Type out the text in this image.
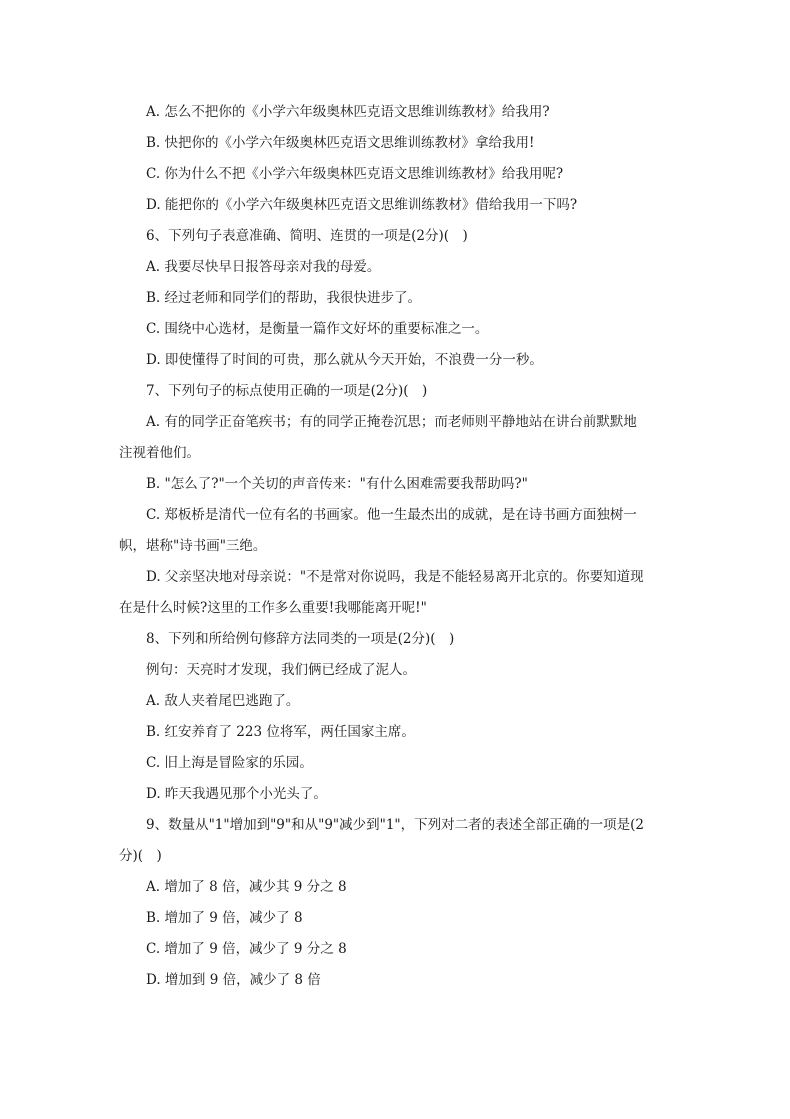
A. 怎么不把你的《小学六年级奥林匹克语文思维训练教材》给我用?
B. 快把你的《小学六年级奥林匹克语文思维训练教材》拿给我用!
C. 你为什么不把《小学六年级奥林匹克语文思维训练教材》给我用呢?
D. 能把你的《小学六年级奥林匹克语文思维训练教材》借给我用一下吗?
6、下列句子表意准确、简明、连贯的一项是(2分)(　)
A. 我要尽快早日报答母亲对我的母爱。
B. 经过老师和同学们的帮助，我很快进步了。
C. 围绕中心选材，是衡量一篇作文好坏的重要标准之一。
D. 即使懂得了时间的可贵，那么就从今天开始，不浪费一分一秒。
7、下列句子的标点使用正确的一项是(2分)(　)
A. 有的同学正奋笔疾书；有的同学正掩卷沉思；而老师则平静地站在讲台前默默地
注视着他们。
B. "怎么了?"一个关切的声音传来："有什么困难需要我帮助吗?"
C. 郑板桥是清代一位有名的书画家。他一生最杰出的成就，是在诗书画方面独树一
帜，堪称"诗书画"三绝。
D. 父亲坚决地对母亲说："不是常对你说吗，我是不能轻易离开北京的。你要知道现
在是什么时候?这里的工作多么重要!我哪能离开呢!"
8、下列和所给例句修辞方法同类的一项是(2分)(　)
例句：天亮时才发现，我们俩已经成了泥人。
A. 敌人夹着尾巴逃跑了。
B. 红安养育了 223 位将军，两任国家主席。
C. 旧上海是冒险家的乐园。
D. 昨天我遇见那个小光头了。
9、数量从"1"增加到"9"和从"9"减少到"1"，下列对二者的表述全部正确的一项是(2
分)(　)
A. 增加了 8 倍，减少其 9 分之 8
B. 增加了 9 倍，减少了 8
C. 增加了 9 倍，减少了 9 分之 8
D. 增加到 9 倍，减少了 8 倍
